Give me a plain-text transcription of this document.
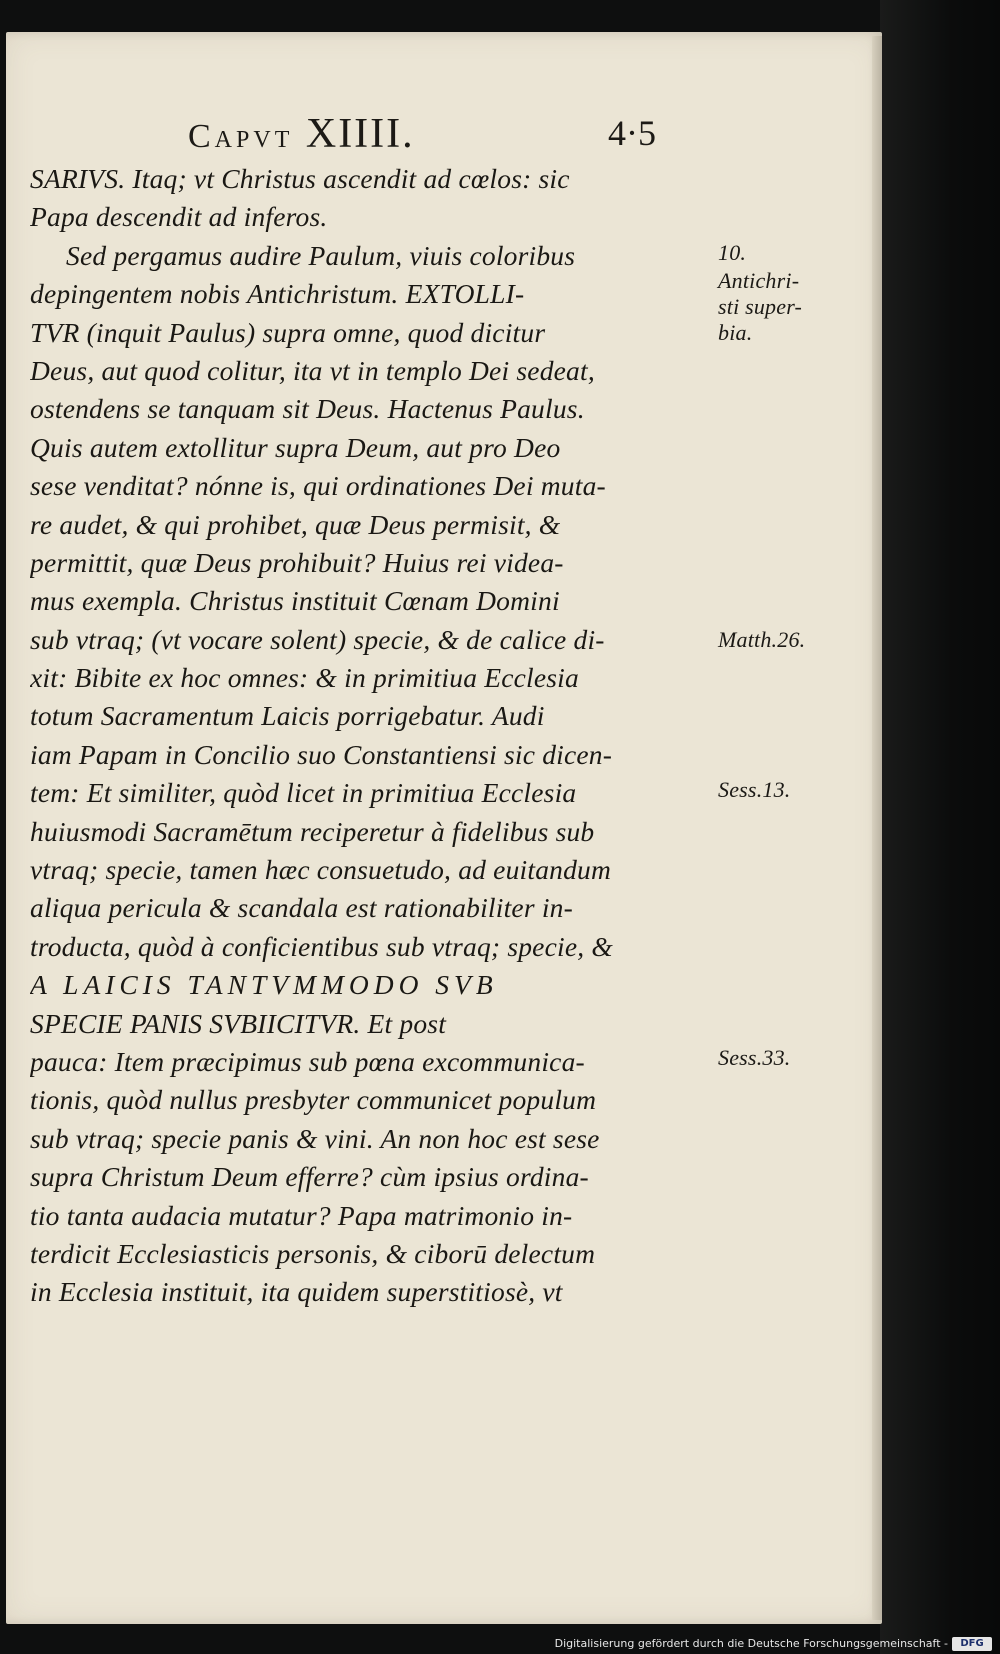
Capvt XIIII.	4·5
SARIVS. Itaq; vt Christus ascendit ad cœlos: sic
Papa descendit ad inferos.
Sed pergamus audire Paulum, viuis coloribus
depingentem nobis Antichristum. EXTOLLI-
TVR (inquit Paulus) supra omne, quod dicitur
Deus, aut quod colitur, ita vt in templo Dei sedeat,
ostendens se tanquam sit Deus. Hactenus Paulus.
Quis autem extollitur supra Deum, aut pro Deo
sese venditat? nónne is, qui ordinationes Dei muta-
re audet, & qui prohibet, quæ Deus permisit, &
permittit, quæ Deus prohibuit? Huius rei videa-
mus exempla. Christus instituit Cœnam Domini
sub vtraq; (vt vocare solent) specie, & de calice di-
xit: Bibite ex hoc omnes: & in primitiua Ecclesia
totum Sacramentum Laicis porrigebatur. Audi
iam Papam in Concilio suo Constantiensi sic dicen-
tem: Et similiter, quòd licet in primitiua Ecclesia
huiusmodi Sacramētum reciperetur à fidelibus sub
vtraq; specie, tamen hæc consuetudo, ad euitandum
aliqua pericula & scandala est rationabiliter in-
troducta, quòd à conficientibus sub vtraq; specie, &
A LAICIS TANTVMMODO SVB
SPECIE PANIS SVBIICITVR. Et post
pauca: Item præcipimus sub pœna excommunica-
tionis, quòd nullus presbyter communicet populum
sub vtraq; specie panis & vini. An non hoc est sese
supra Christum Deum efferre? cùm ipsius ordina-
tio tanta audacia mutatur? Papa matrimonio in-
terdicit Ecclesiasticis personis, & ciborū delectum
in Ecclesia instituit, ita quidem superstitiosè, vt
10.
Antichri-
sti super-
bia.
Matth.26.
Sess.13.
Sess.33.
Digitalisierung gefördert durch die Deutsche Forschungsgemeinschaft -	DFG
